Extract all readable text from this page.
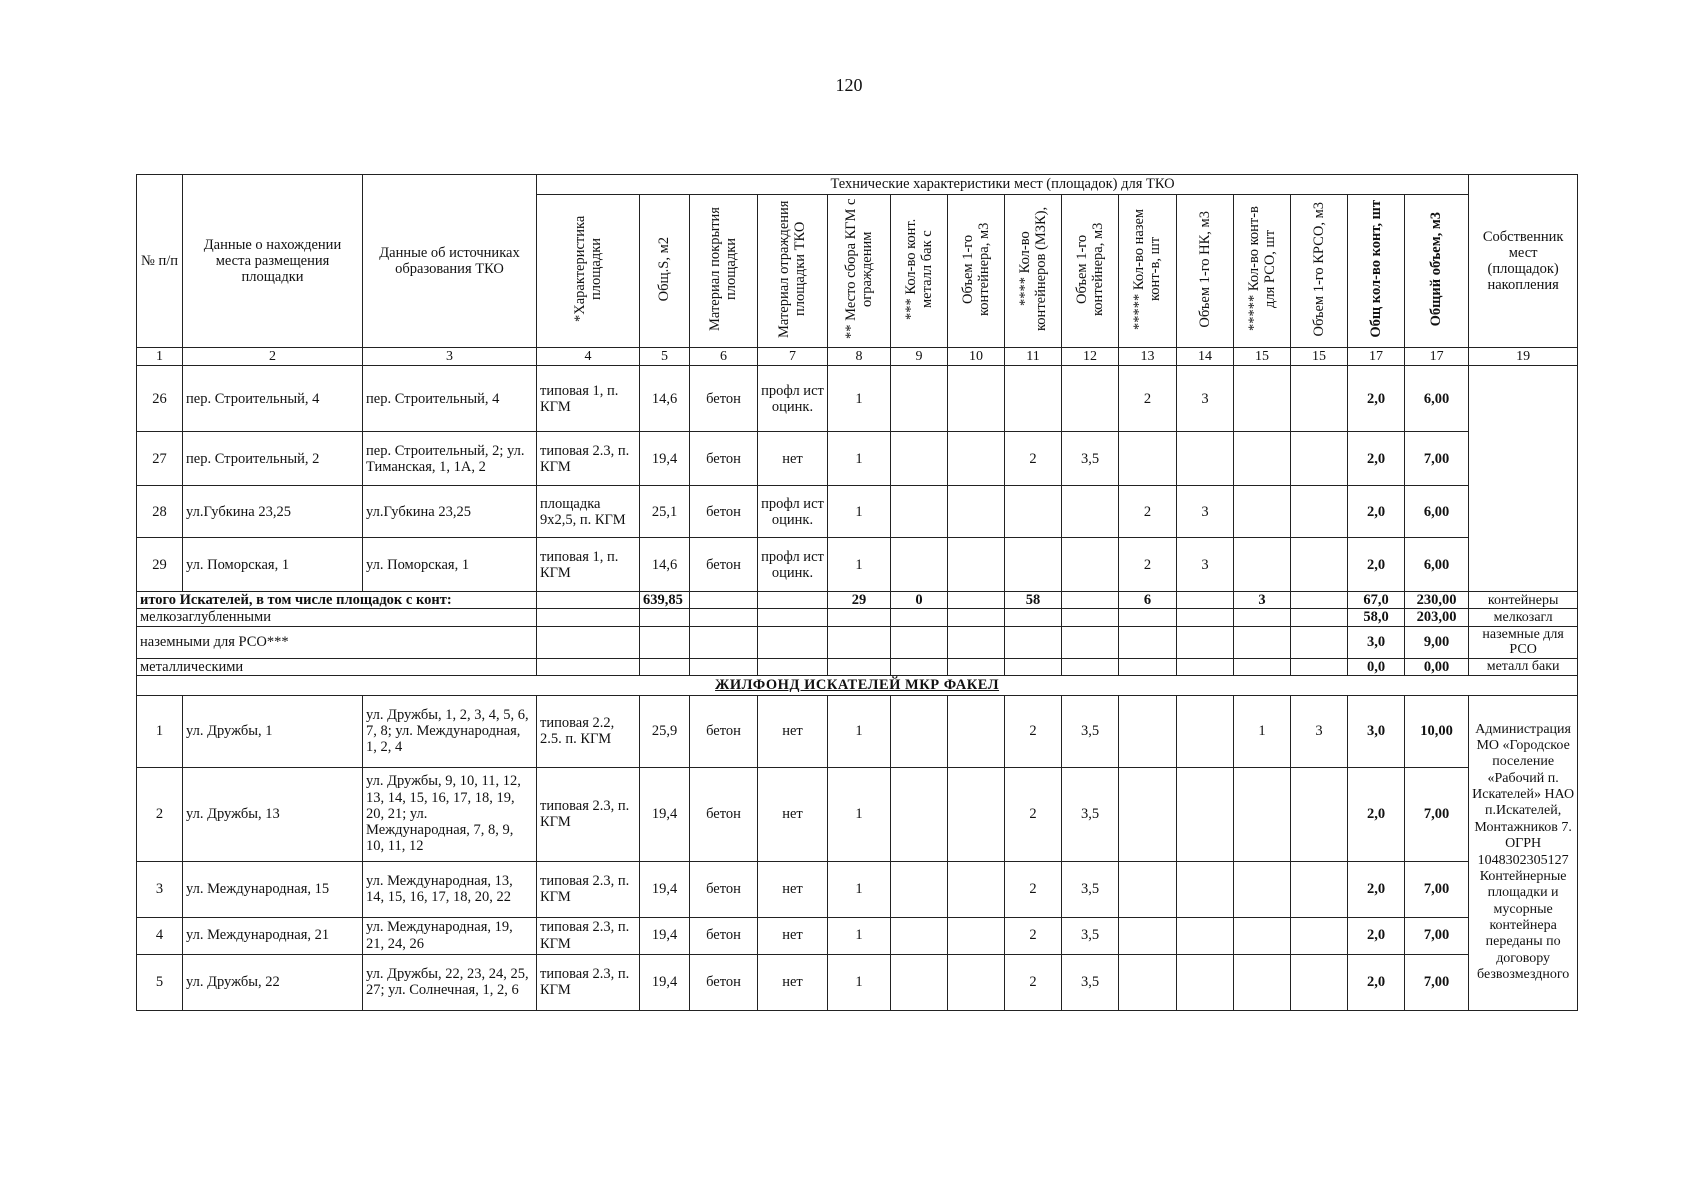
120
№ п/п	Данные о нахождении места размещения площадки	Данные об источниках образования ТКО	Технические характеристики мест (площадок) для ТКО															Собственник мест (площадок) накопления
			*Характеристика площадки	Общ.S, м2	Материал покрытия площадки	Материал отраждения площадки ТКО	** Место сбора КГМ с огражденим	*** Кол-во конт. металл бак с	Объем 1-го контейнера, м3	**** Кол-во контейнеров (МЗК),	Объем 1-го контейнера, м3	***** Кол-во назем конт-в, шт	Объем 1-го НК, м3	***** Кол-во конт-в для РСО, шт	Объем 1-го КРСО, м3	Общ кол-во конт, шт	Общий объем, м3	
1	2	3	4	5	6	7	8	9	10	11	12	13	14	15	15	17	17	19
26	пер. Строительный, 4	пер. Строительный, 4	типовая 1, п. КГМ	14,6	бетон	профл ист оцинк.	1					2	3			2,0	6,00	
27	пер. Строительный, 2	пер. Строительный, 2; ул. Тиманская, 1, 1А, 2	типовая 2.3, п. КГМ	19,4	бетон	нет	1			2	3,5					2,0	7,00	
28	ул.Губкина 23,25	ул.Губкина 23,25	площадка 9х2,5, п. КГМ	25,1	бетон	профл ист оцинк.	1					2	3			2,0	6,00	
29	ул. Поморская, 1	ул. Поморская, 1	типовая 1, п. КГМ	14,6	бетон	профл ист оцинк.	1					2	3			2,0	6,00	
итого Искателей, в том числе площадок с конт:				639,85			29	0		58		6		3		67,0	230,00	контейнеры
мелкозаглубленными																58,0	203,00	мелкозагл
наземными для РСО***																3,0	9,00	наземные для РСО
металлическими																0,0	0,00	металл баки
ЖИЛФОНД ИСКАТЕЛЕЙ МКР ФАКЕЛ																		
1	ул. Дружбы, 1	ул. Дружбы, 1, 2, 3, 4, 5, 6, 7, 8; ул. Международная, 1, 2, 4	типовая 2.2, 2.5. п. КГМ	25,9	бетон	нет	1			2	3,5			1	3	3,0	10,00	Администрация МО «Городское поселение «Рабочий п. Искателей» НАО п.Искателей, Монтажников 7. ОГРН 1048302305127 Контейнерные площадки и мусорные контейнера переданы по договору безвозмездного
2	ул. Дружбы, 13	ул. Дружбы, 9, 10, 11, 12, 13, 14, 15, 16, 17, 18, 19, 20, 21; ул. Международная, 7, 8, 9, 10, 11, 12	типовая 2.3, п. КГМ	19,4	бетон	нет	1			2	3,5					2,0	7,00	
3	ул. Международная, 15	ул. Международная, 13, 14, 15, 16, 17, 18, 20, 22	типовая 2.3, п. КГМ	19,4	бетон	нет	1			2	3,5					2,0	7,00	
4	ул. Международная, 21	ул. Международная, 19, 21, 24, 26	типовая 2.3, п. КГМ	19,4	бетон	нет	1			2	3,5					2,0	7,00	
5	ул. Дружбы, 22	ул. Дружбы, 22, 23, 24, 25, 27; ул. Солнечная, 1, 2, 6	типовая 2.3, п. КГМ	19,4	бетон	нет	1			2	3,5					2,0	7,00	
